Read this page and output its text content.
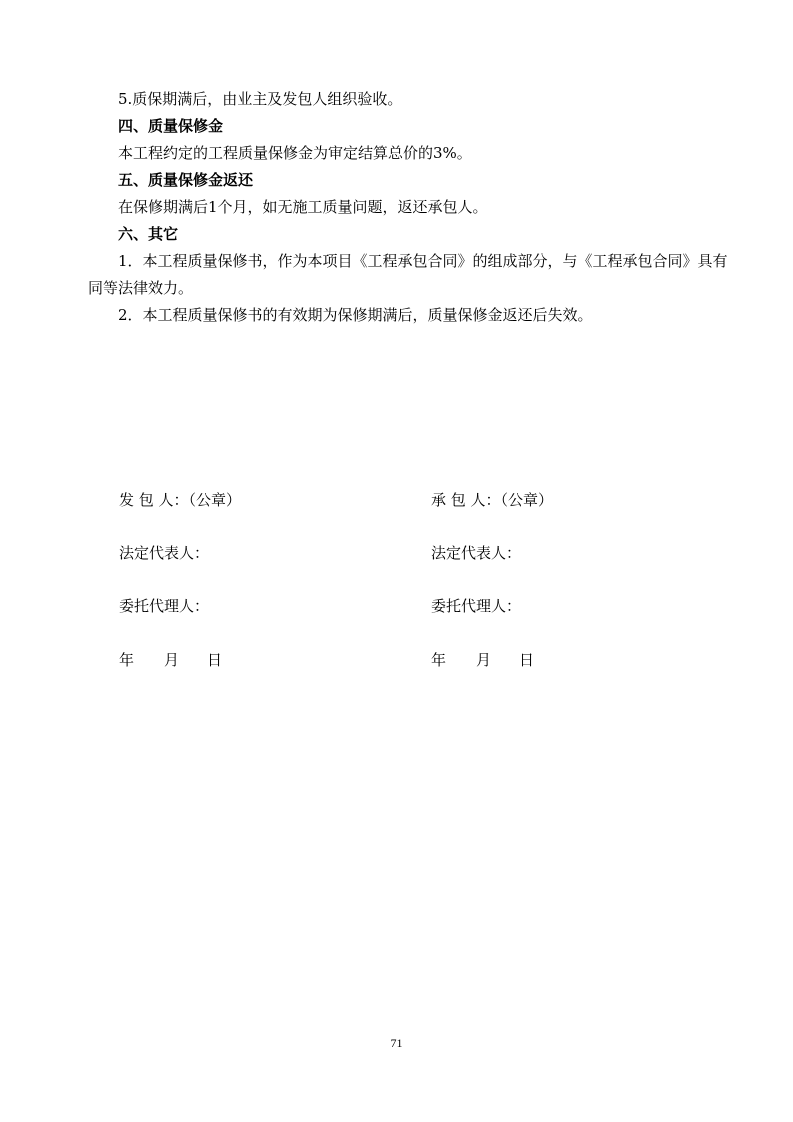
5.质保期满后，由业主及发包人组织验收。
四、质量保修金
本工程约定的工程质量保修金为审定结算总价的3%。
五、质量保修金返还
在保修期满后1个月，如无施工质量问题，返还承包人。
六、其它
1．本工程质量保修书，作为本项目《工程承包合同》的组成部分，与《工程承包合同》具有同等法律效力。
2．本工程质量保修书的有效期为保修期满后，质量保修金返还后失效。
发 包 人：（公章）
法定代表人：
委托代理人：
年 月 日
承 包 人：（公章）
法定代表人：
委托代理人：
年 月 日
71
